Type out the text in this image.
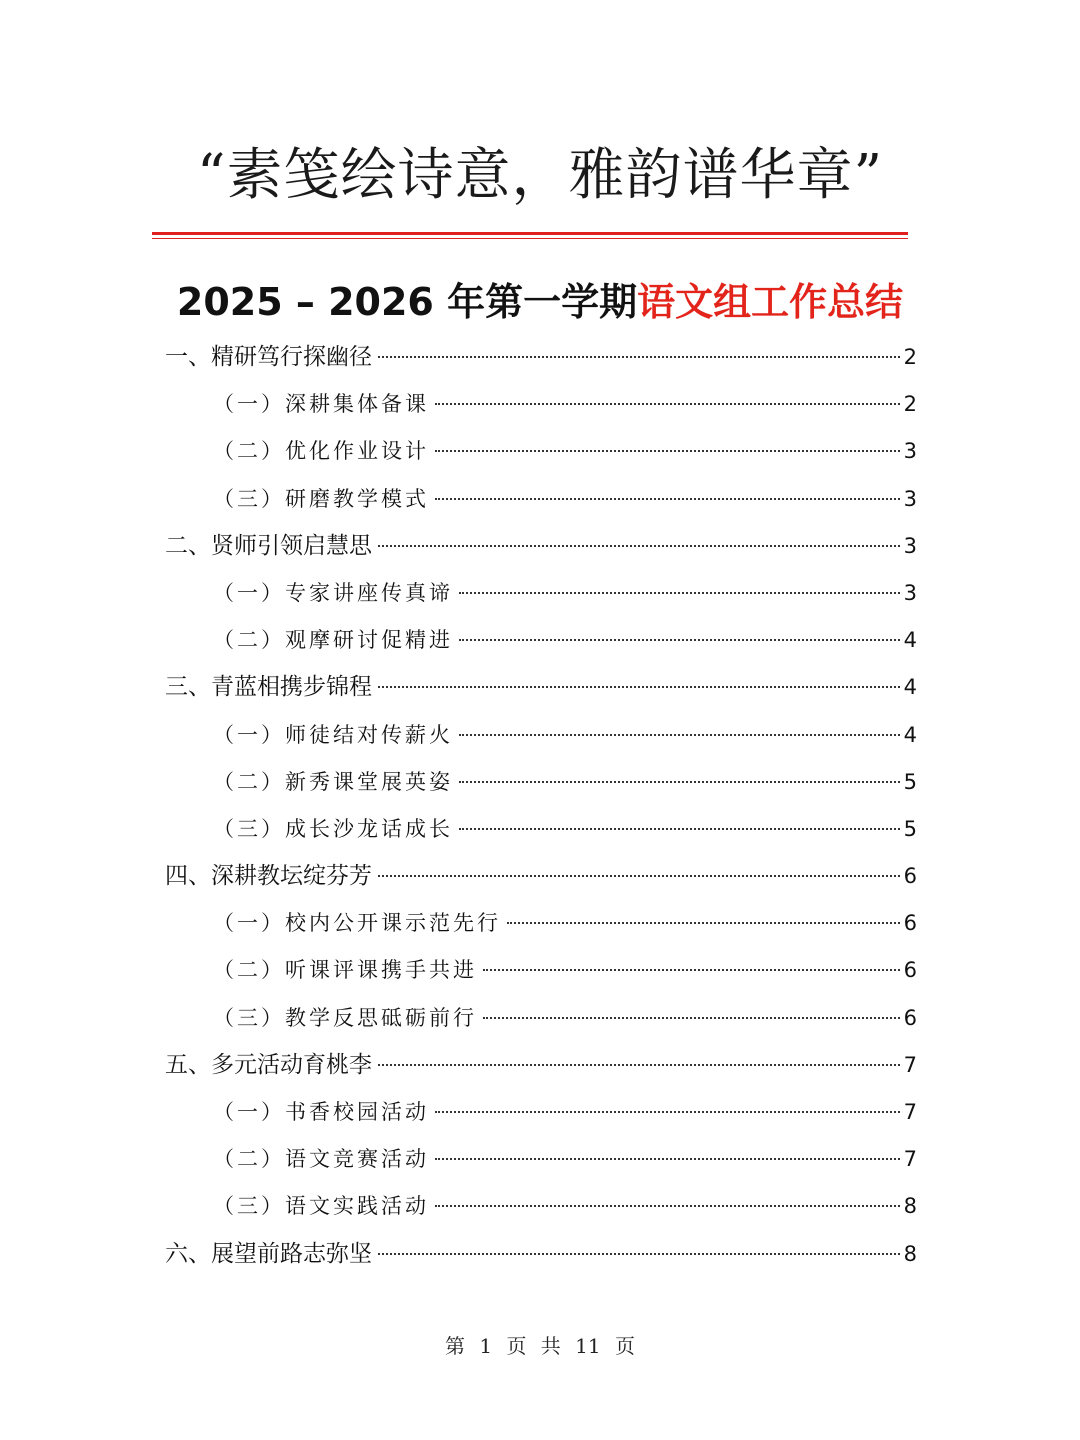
“素笺绘诗意，雅韵谱华章”
2025 – 2026 年第一学期语文组工作总结
一、精研笃行探幽径	2
（一）深耕集体备课	2
（二）优化作业设计	3
（三）研磨教学模式	3
二、贤师引领启慧思	3
（一）专家讲座传真谛	3
（二）观摩研讨促精进	4
三、青蓝相携步锦程	4
（一）师徒结对传薪火	4
（二）新秀课堂展英姿	5
（三）成长沙龙话成长	5
四、深耕教坛绽芬芳	6
（一）校内公开课示范先行	6
（二）听课评课携手共进	6
（三）教学反思砥砺前行	6
五、多元活动育桃李	7
（一）书香校园活动	7
（二）语文竞赛活动	7
（三）语文实践活动	8
六、展望前路志弥坚	8
第 1 页 共 11 页
